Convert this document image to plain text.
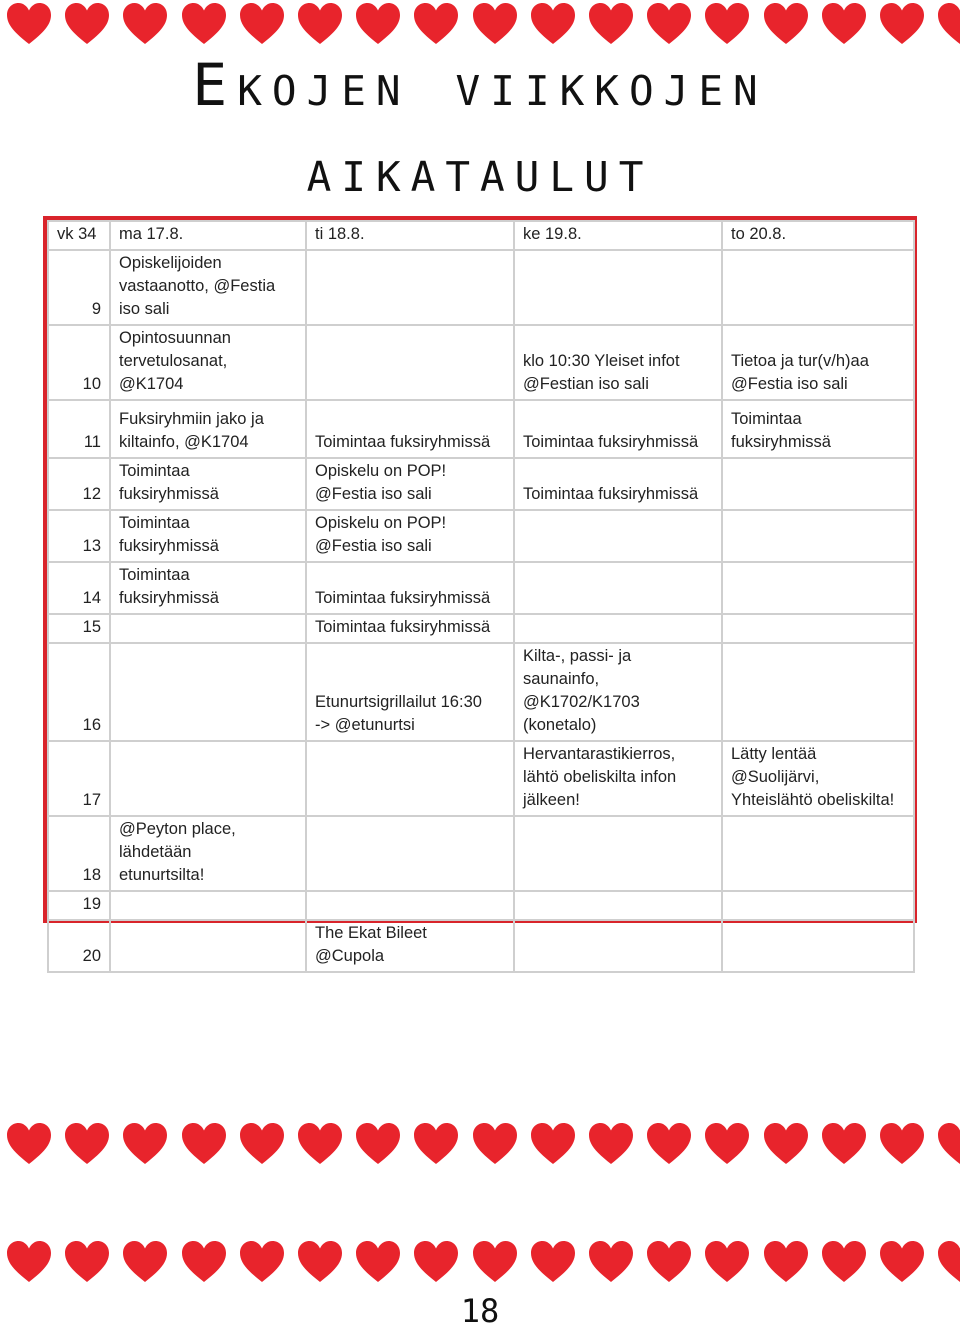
Ekojen viikkojen
aikataulut
vk 34	ma 17.8.	ti 18.8.	ke 19.8.	to 20.8.
9	Opiskelijoiden
vastaanotto, @Festia
iso sali			
10	Opintosuunnan
tervetulosanat,
@K1704		klo 10:30 Yleiset infot
@Festian iso sali	Tietoa ja tur(v/h)aa
@Festia iso sali
11	Fuksiryhmiin jako ja
kiltainfo, @K1704	Toimintaa fuksiryhmissä	Toimintaa fuksiryhmissä	Toimintaa
fuksiryhmissä
12	Toimintaa
fuksiryhmissä	Opiskelu on POP!
@Festia iso sali	Toimintaa fuksiryhmissä	
13	Toimintaa
fuksiryhmissä	Opiskelu on POP!
@Festia iso sali		
14	Toimintaa
fuksiryhmissä	Toimintaa fuksiryhmissä		
15		Toimintaa fuksiryhmissä		
16		Etunurtsigrillailut 16:30
-> @etunurtsi	Kilta-, passi- ja
saunainfo,
@K1702/K1703
(konetalo)	
17			Hervantarastikierros,
lähtö obeliskilta infon
jälkeen!	Lätty lentää
@Suolijärvi,
Yhteislähtö obeliskilta!
18	@Peyton place,
lähdetään
etunurtsilta!			
19				
20		The Ekat Bileet
@Cupola		
18
